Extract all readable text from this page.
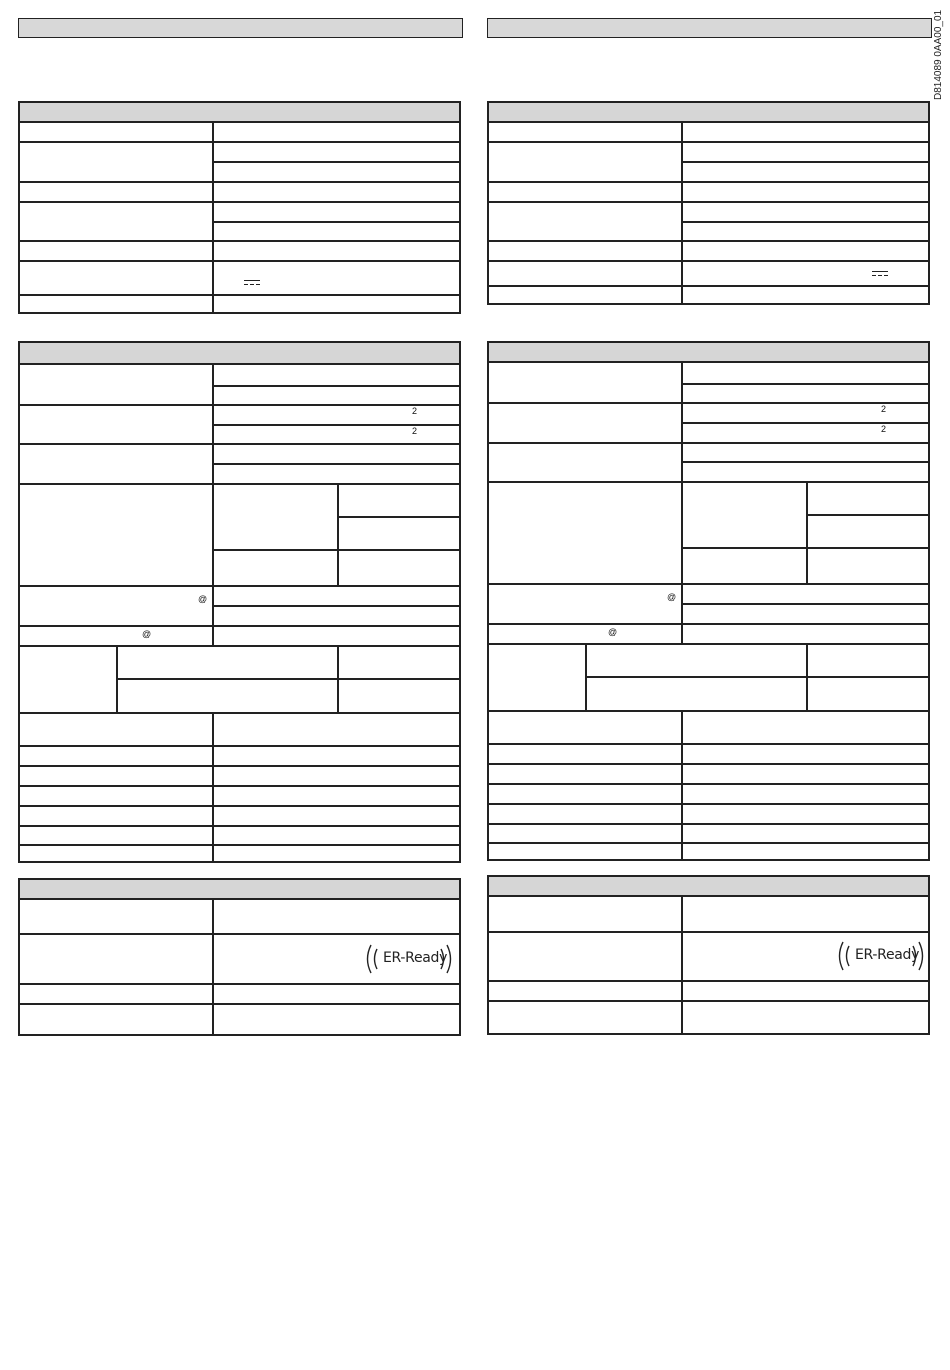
D814089 0AA00_01
2
2
@
@
ER-Ready
2
2
@
@
ER-Ready
